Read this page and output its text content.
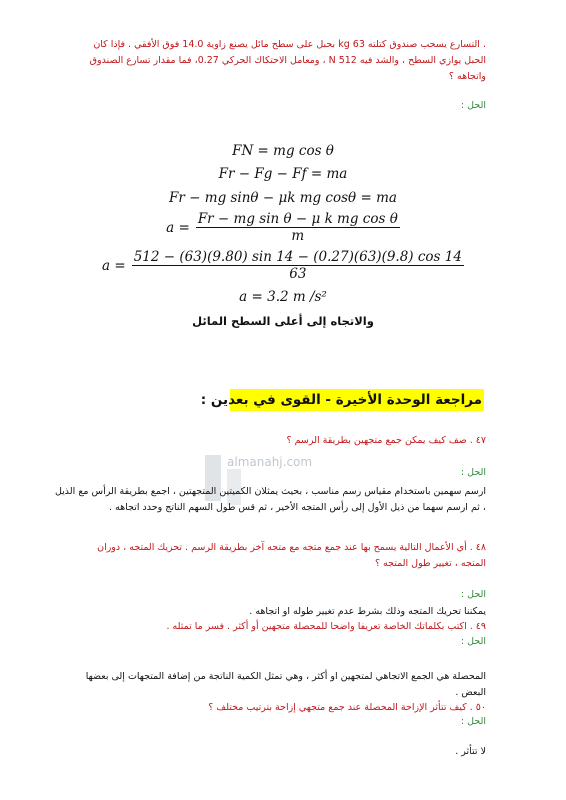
. التسارع يسحب صندوق كتلته 63 kg بحبل على سطح مائل يصنع زاوية 14.0 فوق الأفقي . فإذا كان
الحبل يوازي السطح ، والشد فيه 512 N ، ومعامل الاحتكاك الحركي 0.27، فما مقدار تسارع الصندوق
واتجاهه ؟
الحل :
FN = mg cos θ
Fr − Fg − Ff = ma
Fr − mg sinθ − μk mg cosθ = ma
$a = \frac{\text{Fr − mg sin θ − μ k mg cos θ}}{m}$
$a = \frac{512 - (63)(9.80) \sin 14 - (0.27)(63)(9.8) \cos 14}{63}$
a = 3.2 m /s²
والاتجاه إلى أعلى السطح المائل
مراجعة الوحدة الأخيرة - القوى في بعدين :
٤٧ . صف كيف يمكن جمع متجهين بطريقة الرسم ؟
الحل :
almanahj.com
ارسم سهمين باستخدام مقياس رسم مناسب ، بحيث يمثلان الكميتين المتجهتين ، اجمع بطريقة الرأس مع الذيل
، ثم ارسم سهما من ذيل الأول إلى رأس المتجه الأخير ، ثم قس طول السهم الناتج وحدد اتجاهه .
٤٨ . أي الأعمال التالية يسمح بها عند جمع متجه مع متجه آخر بطريقة الرسم . تحريك المتجه ، دوران
المتجه ، تغيير طول المتجه ؟
الحل :
يمكننا تحريك المتجه وذلك بشرط عدم تغيير طوله او اتجاهه .
٤٩ . اكتب بكلماتك الخاصة تعريفا واضحا للمحصلة متجهين أو أكثر . فسر ما تمثله .
الحل :
المحصلة هي الجمع الاتجاهي لمتجهين او أكثر ، وهي تمثل الكمية الناتجة من إضافة المتجهات إلى بعضها
البعض .
٥٠ . كيف تتأثر الإزاحة المحصلة عند جمع متجهي إزاحة بترتيب مختلف ؟
الحل :
لا تتأثر .
